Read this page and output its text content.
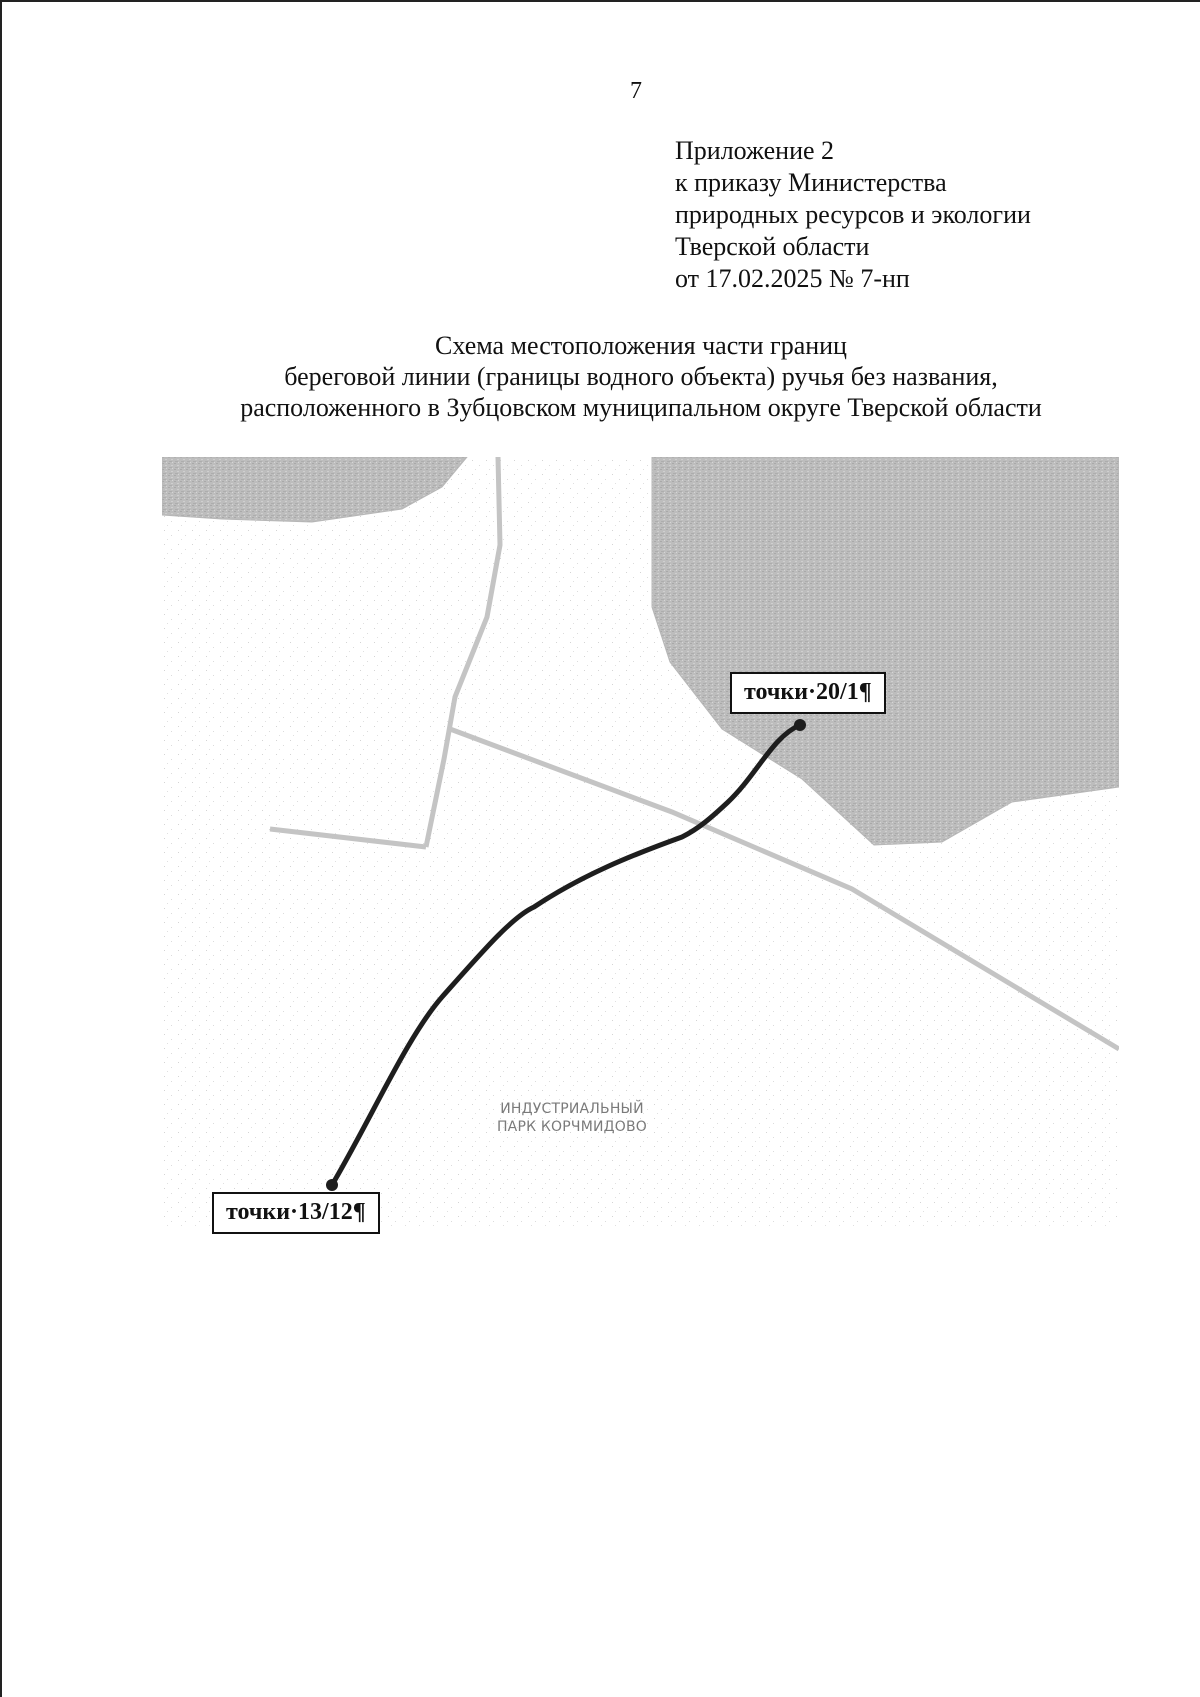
7
Приложение 2
к приказу Министерства
природных ресурсов и экологии
Тверской области
от 17.02.2025 № 7-нп
Схема местоположения части границ
береговой линии (границы водного объекта) ручья без названия,
расположенного в Зубцовском муниципальном округе Тверской области
точки·20/1¶
точки·13/12¶
ИНДУСТРИАЛЬНЫЙ
ПАРК КОРЧМИДОВО
